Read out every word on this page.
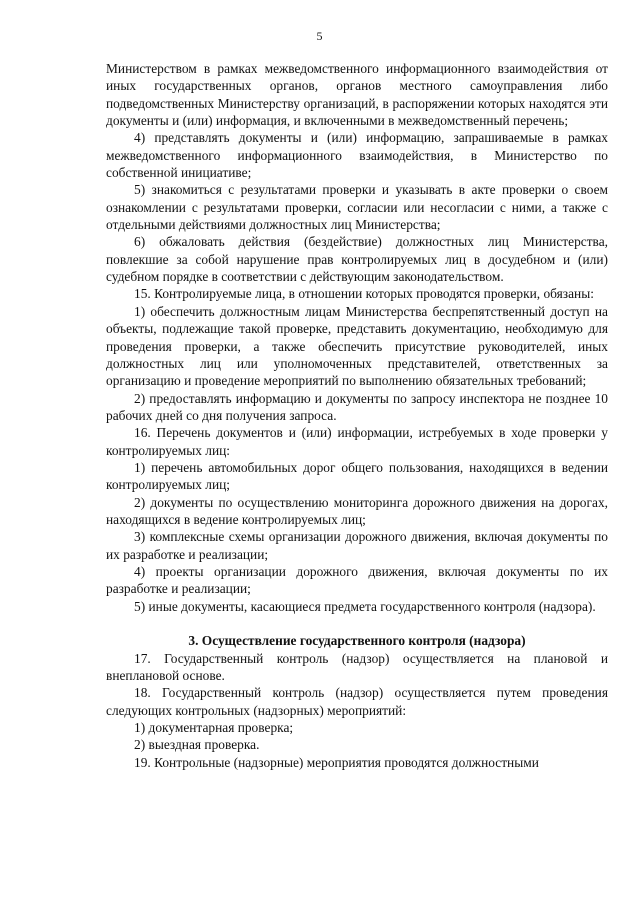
5

Министерством в рамках межведомственного информационного взаимодействия от иных государственных органов, органов местного самоуправления либо подведомственных Министерству организаций, в распоряжении которых находятся эти документы и (или) информация, и включенными в межведомственный перечень;

4) представлять документы и (или) информацию, запрашиваемые в рамках межведомственного информационного взаимодействия, в Министерство по собственной инициативе;

5) знакомиться с результатами проверки и указывать в акте проверки о своем ознакомлении с результатами проверки, согласии или несогласии с ними, а также с отдельными действиями должностных лиц Министерства;

6) обжаловать действия (бездействие) должностных лиц Министерства, повлекшие за собой нарушение прав контролируемых лиц в досудебном и (или) судебном порядке в соответствии с действующим законодательством.

15. Контролируемые лица, в отношении которых проводятся проверки, обязаны:

1) обеспечить должностным лицам Министерства беспрепятственный доступ на объекты, подлежащие такой проверке, представить документацию, необходимую для проведения проверки, а также обеспечить присутствие руководителей, иных должностных лиц или уполномоченных представителей, ответственных за организацию и проведение мероприятий по выполнению обязательных требований;

2) предоставлять информацию и документы по запросу инспектора не позднее 10 рабочих дней со дня получения запроса.

16. Перечень документов и (или) информации, истребуемых в ходе проверки у контролируемых лиц:

1) перечень автомобильных дорог общего пользования, находящихся в ведении контролируемых лиц;

2) документы по осуществлению мониторинга дорожного движения на дорогах, находящихся в ведение контролируемых лиц;

3) комплексные схемы организации дорожного движения, включая документы по их разработке и реализации;

4) проекты организации дорожного движения, включая документы по их разработке и реализации;

5) иные документы, касающиеся предмета государственного контроля (надзора).

3. Осуществление государственного контроля (надзора)

17. Государственный контроль (надзор) осуществляется на плановой и внеплановой основе.

18. Государственный контроль (надзор) осуществляется путем проведения следующих контрольных (надзорных) мероприятий:

1) документарная проверка;

2) выездная проверка.

19. Контрольные (надзорные) мероприятия проводятся должностными
